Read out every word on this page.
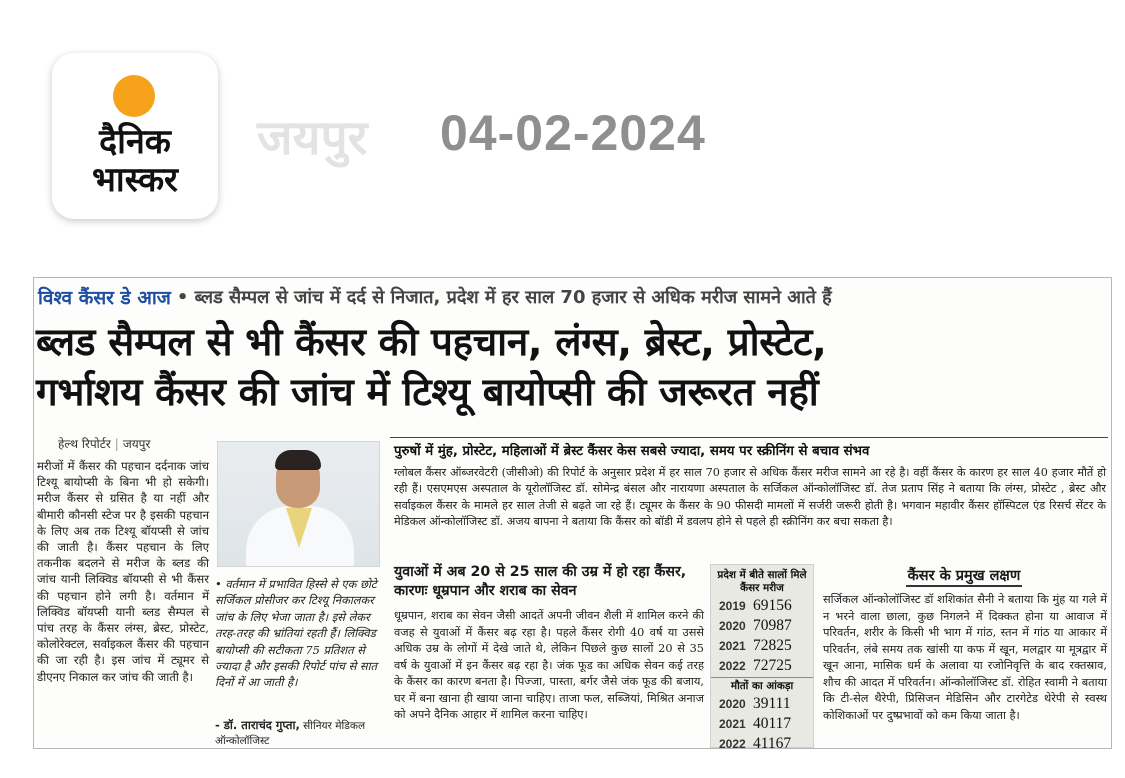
दैनिक
भास्कर
जयपुर 04-02-2024
विश्व कैंसर डे आज • ब्लड सैम्पल से जांच में दर्द से निजात, प्रदेश में हर साल 70 हजार से अधिक मरीज सामने आते हैं
ब्लड सैम्पल से भी कैंसर की पहचान, लंग्स, ब्रेस्ट, प्रोस्टेट,
गर्भाशय कैंसर की जांच में टिश्यू बायोप्सी की जरूरत नहीं
हेल्थ रिपोर्टर | जयपुर

मरीजों में कैंसर की पहचान दर्दनाक जांच टिश्यू बायोप्सी के बिना भी हो सकेगी। मरीज कैंसर से ग्रसित है या नहीं और बीमारी कौनसी स्टेज पर है इसकी पहचान के लिए अब तक टिश्यू बॉयप्सी से जांच की जाती है। कैंसर पहचान के लिए तकनीक बदलने से मरीज के ब्लड की जांच यानी लिक्विड बॉयप्सी से भी कैंसर की पहचान होने लगी है। वर्तमान में लिक्विड बॉयप्सी यानी ब्लड सैम्पल से पांच तरह के कैंसर लंग्स, ब्रेस्ट, प्रोस्टेट, कोलोरेक्टल, सर्वाइकल कैंसर की पहचान की जा रही है। इस जांच में ट्यूमर से डीएनए निकाल कर जांच की जाती है।

• वर्तमान में प्रभावित हिस्से से एक छोटे सर्जिकल प्रोसीजर कर टिश्यू निकालकर जांच के लिए भेजा जाता है। इसे लेकर तरह-तरह की भ्रांतियां रहती हैं। लिक्विड बायोप्सी की सटीकता 75 प्रतिशत से ज्यादा है और इसकी रिपोर्ट पांच से सात दिनों में आ जाती है।
- डॉ. ताराचंद गुप्ता, सीनियर मेडिकल ऑन्कोलॉजिस्ट
पुरुषों में मुंह, प्रोस्टेट, महिलाओं में ब्रेस्ट कैंसर केस सबसे ज्यादा, समय पर स्क्रीनिंग से बचाव संभव

ग्लोबल कैंसर ऑब्जरवेटरी (जीसीओ) की रिपोर्ट के अनुसार प्रदेश में हर साल 70 हजार से अधिक कैंसर मरीज सामने आ रहे है। वहीं कैंसर के कारण हर साल 40 हजार मौतें हो रही हैं। एसएमएस अस्पताल के यूरोलॉजिस्ट डॉ. सोमेन्द्र बंसल और नारायणा अस्पताल के सर्जिकल ऑन्कोलॉजिस्ट डॉ. तेज प्रताप सिंह ने बताया कि लंग्स, प्रोस्टेट , ब्रेस्ट और सर्वाइकल कैंसर के मामले हर साल तेजी से बढ़ते जा रहे हैं। ट्यूमर के कैंसर के 90 फीसदी मामलों में सर्जरी जरूरी होती है। भगवान महावीर कैंसर हॉस्पिटल एंड रिसर्च सेंटर के मेडिकल ऑन्कोलॉजिस्ट डॉ. अजय बापना ने बताया कि कैंसर को बॉडी में डवलप होने से पहले ही स्क्रीनिंग कर बचा सकता है।

युवाओं में अब 20 से 25 साल की उम्र में हो रहा कैंसर, कारणः धूम्रपान और शराब का सेवन

धूम्रपान, शराब का सेवन जैसी आदतें अपनी जीवन शैली में शामिल करने की वजह से युवाओं में कैंसर बढ़ रहा है। पहले कैंसर रोगी 40 वर्ष या उससे अधिक उम्र के लोगों में देखे जाते थे, लेकिन पिछले कुछ सालों 20 से 35 वर्ष के युवाओं में इन कैंसर बढ़ रहा है। जंक फूड का अधिक सेवन कई तरह के कैंसर का कारण बनता है। पिज्जा, पास्ता, बर्गर जैसे जंक फूड की बजाय, घर में बना खाना ही खाया जाना चाहिए। ताजा फल, सब्जियां, मिश्रित अनाज को अपने दैनिक आहार में शामिल करना चाहिए।

प्रदेश में बीते सालों मिले कैंसर मरीज
2019 69156
2020 70987
2021 72825
2022 72725
मौतों का आंकड़ा
2020 39111
2021 40117
2022 41167
कैंसर के प्रमुख लक्षण

सर्जिकल ऑन्कोलॉजिस्ट डॉ शशिकांत सैनी ने बताया कि मुंह या गले में न भरने वाला छाला, कुछ निगलने में दिक्कत होना या आवाज में परिवर्तन, शरीर के किसी भी भाग में गांठ, स्तन में गांठ या आकार में परिवर्तन, लंबे समय तक खांसी या कफ में खून, मलद्वार या मूत्रद्वार में खून आना, मासिक धर्म के अलावा या रजोनिवृत्ति के बाद रक्तस्राव, शौच की आदत में परिवर्तन। ऑन्कोलॉजिस्ट डॉ. रोहित स्वामी ने बताया कि टी-सेल थैरेपी, प्रिसिजन मेडिसिन और टारगेटेड थेरेपी से स्वस्थ कोशिकाओं पर दुष्प्रभावों को कम किया जाता है।
